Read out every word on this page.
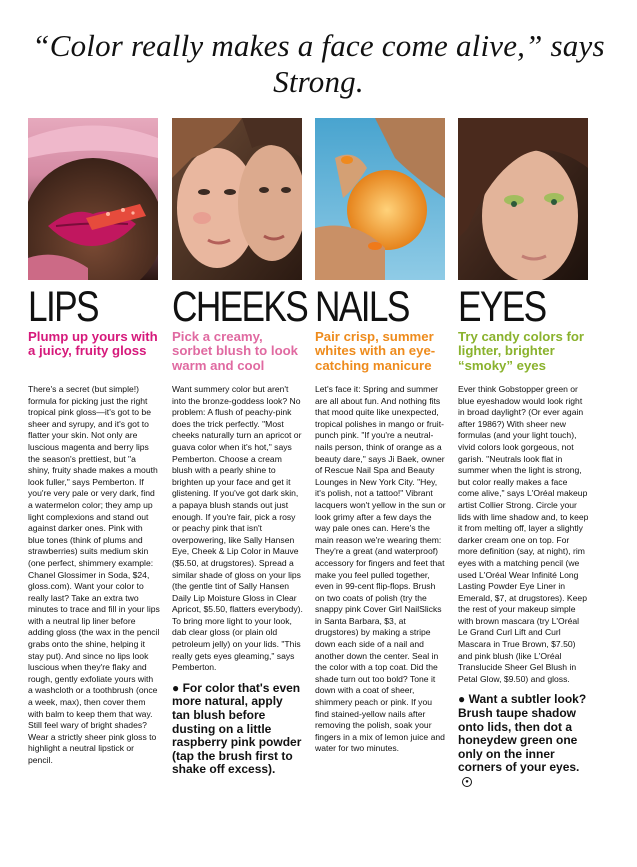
“Color really makes a face come alive,” says Strong.
LIPS
Plump up yours with a juicy, fruity gloss
There's a secret (but simple!) formula for picking just the right tropical pink gloss—it's got to be sheer and syrupy, and it's got to flatter your skin. Not only are luscious magenta and berry lips the season's prettiest, but "a shiny, fruity shade makes a mouth look fuller," says Pemberton. If you're very pale or very dark, find a watermelon color; they amp up light complexions and stand out against darker ones. Pink with blue tones (think of plums and strawberries) suits medium skin (one perfect, shimmery example: Chanel Glossimer in Soda, $24, gloss.com). Want your color to really last? Take an extra two minutes to trace and fill in your lips with a neutral lip liner before adding gloss (the wax in the pencil grabs onto the shine, helping it stay put). And since no lips look luscious when they're flaky and rough, gently exfoliate yours with a washcloth or a toothbrush (once a week, max), then cover them with balm to keep them that way. Still feel wary of bright shades? Wear a strictly sheer pink gloss to highlight a neutral lipstick or pencil.
CHEEKS
Pick a creamy, sorbet blush to look warm and cool
Want summery color but aren't into the bronze-goddess look? No problem: A flush of peachy-pink does the trick perfectly. "Most cheeks naturally turn an apricot or guava color when it's hot," says Pemberton. Choose a cream blush with a pearly shine to brighten up your face and get it glistening. If you've got dark skin, a papaya blush stands out just enough. If you're fair, pick a rosy or peachy pink that isn't overpowering, like Sally Hansen Eye, Cheek & Lip Color in Mauve ($5.50, at drugstores). Spread a similar shade of gloss on your lips (the gentle tint of Sally Hansen Daily Lip Moisture Gloss in Clear Apricot, $5.50, flatters everybody). To bring more light to your look, dab clear gloss (or plain old petroleum jelly) on your lids. "This really gets eyes gleaming," says Pemberton.
● For color that's even more natural, apply tan blush before dusting on a little raspberry pink powder (tap the brush first to shake off excess).
NAILS
Pair crisp, summer whites with an eye-catching manicure
Let's face it: Spring and summer are all about fun. And nothing fits that mood quite like unexpected, tropical polishes in mango or fruit-punch pink. "If you're a neutral-nails person, think of orange as a beauty dare," says Ji Baek, owner of Rescue Nail Spa and Beauty Lounges in New York City. "Hey, it's polish, not a tattoo!" Vibrant lacquers won't yellow in the sun or look grimy after a few days the way pale ones can. Here's the main reason we're wearing them: They're a great (and waterproof) accessory for fingers and feet that make you feel pulled together, even in 99-cent flip-flops. Brush on two coats of polish (try the snappy pink Cover Girl NailSlicks in Santa Barbara, $3, at drugstores) by making a stripe down each side of a nail and another down the center. Seal in the color with a top coat. Did the shade turn out too bold? Tone it down with a coat of sheer, shimmery peach or pink. If you find stained-yellow nails after removing the polish, soak your fingers in a mix of lemon juice and water for two minutes.
EYES
Try candy colors for lighter, brighter “smoky” eyes
Ever think Gobstopper green or blue eyeshadow would look right in broad daylight? (Or ever again after 1986?) With sheer new formulas (and your light touch), vivid colors look gorgeous, not garish. "Neutrals look flat in summer when the light is strong, but color really makes a face come alive," says L'Oréal makeup artist Collier Strong. Circle your lids with lime shadow and, to keep it from melting off, layer a slightly darker cream one on top. For more definition (say, at night), rim eyes with a matching pencil (we used L'Oréal Wear Infinité Long Lasting Powder Eye Liner in Emerald, $7, at drugstores). Keep the rest of your makeup simple with brown mascara (try L'Oréal Le Grand Curl Lift and Curl Mascara in True Brown, $7.50) and pink blush (like L'Oréal Translucide Sheer Gel Blush in Petal Glow, $9.50) and gloss.
● Want a subtler look? Brush taupe shadow onto lids, then dot a honeydew green one only on the inner corners of your eyes. ●
